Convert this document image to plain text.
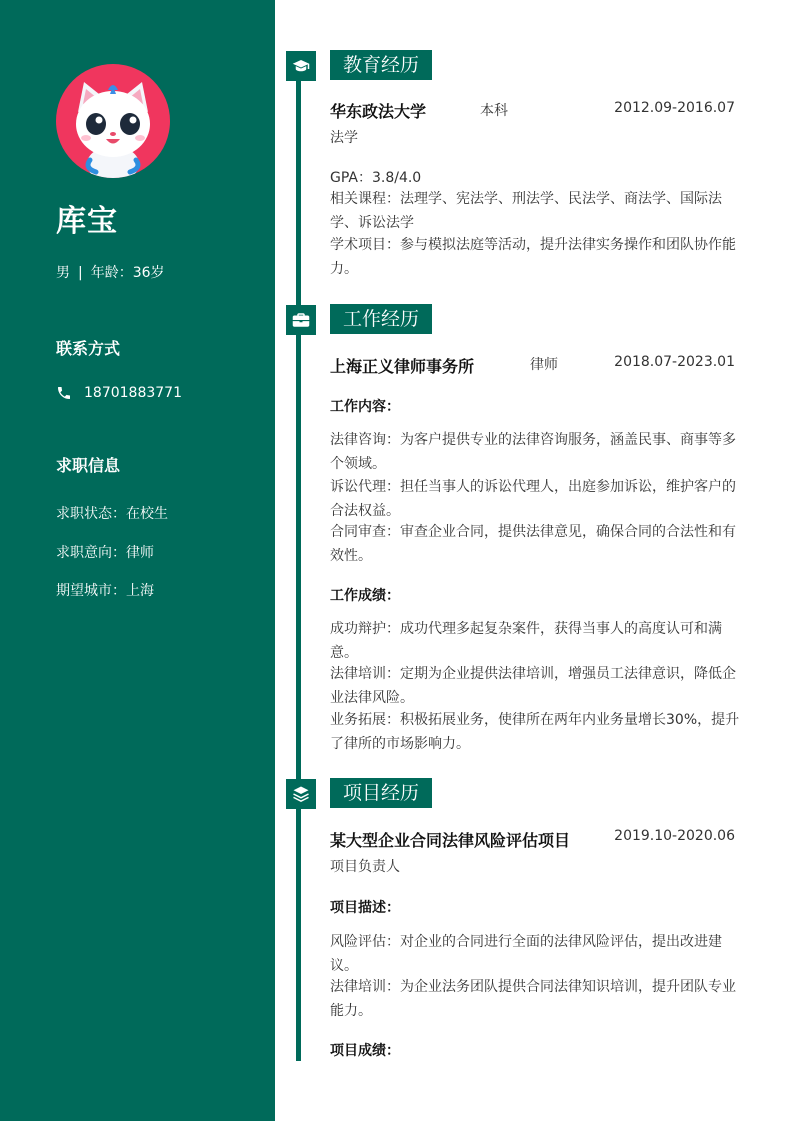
库宝
男 | 年龄：36岁
联系方式
18701883771
求职信息
求职状态：在校生
求职意向：律师
期望城市：上海
教育经历
华东政法大学	本科	2012.09-2016.07
法学
GPA：3.8/4.0
相关课程：法理学、宪法学、刑法学、民法学、商法学、国际法学、诉讼法学
学术项目：参与模拟法庭等活动，提升法律实务操作和团队协作能力。
工作经历
上海正义律师事务所	律师	2018.07-2023.01
工作内容：
法律咨询：为客户提供专业的法律咨询服务，涵盖民事、商事等多个领域。
诉讼代理：担任当事人的诉讼代理人，出庭参加诉讼，维护客户的合法权益。
合同审查：审查企业合同，提供法律意见，确保合同的合法性和有效性。
工作成绩：
成功辩护：成功代理多起复杂案件，获得当事人的高度认可和满意。
法律培训：定期为企业提供法律培训，增强员工法律意识，降低企业法律风险。
业务拓展：积极拓展业务，使律所在两年内业务量增长30%，提升了律所的市场影响力。
项目经历
某大型企业合同法律风险评估项目	2019.10-2020.06
项目负责人
项目描述：
风险评估：对企业的合同进行全面的法律风险评估，提出改进建议。
法律培训：为企业法务团队提供合同法律知识培训，提升团队专业能力。
项目成绩：
